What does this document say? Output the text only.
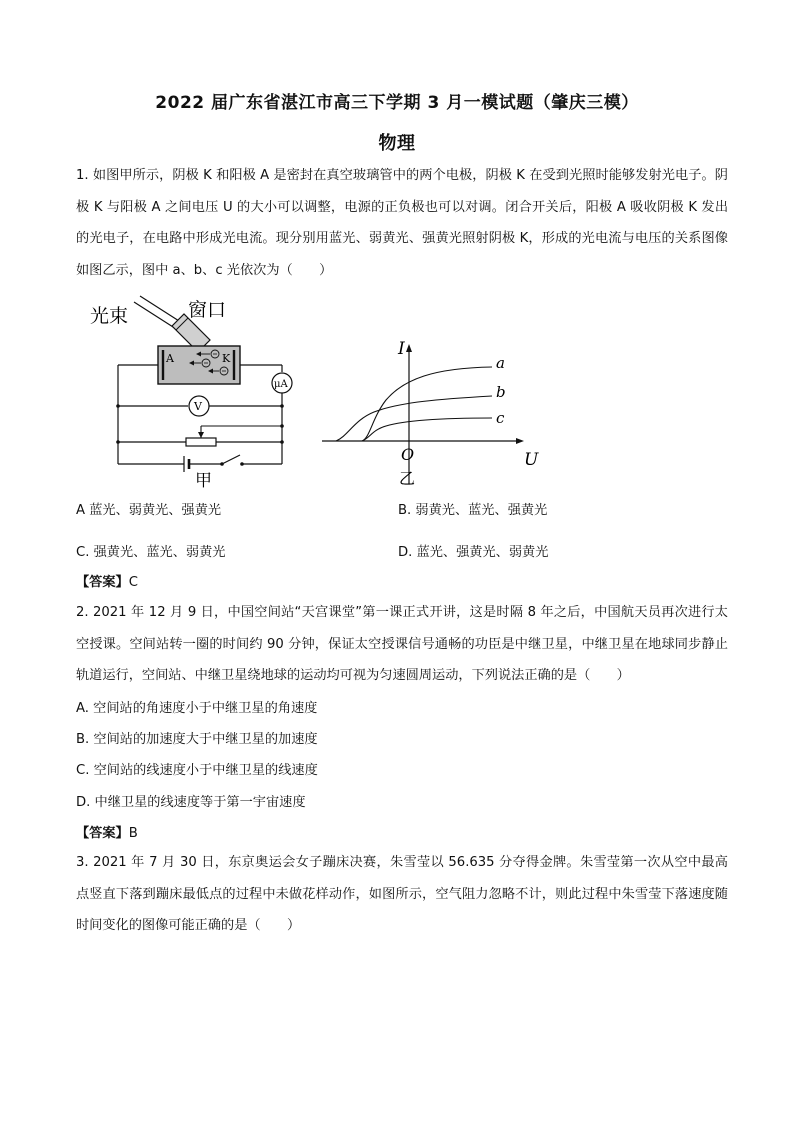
2022 届广东省湛江市高三下学期 3 月一模试题（肇庆三模）
物理
1. 如图甲所示，阴极 K 和阳极 A 是密封在真空玻璃管中的两个电极，阴极 K 在受到光照时能够发射光电子。阴极 K 与阳极 A 之间电压 U 的大小可以调整，电源的正负极也可以对调。闭合开关后，阳极 A 吸收阴极 K 发出的光电子，在电路中形成光电流。现分别用蓝光、弱黄光、强黄光照射阴极 K，形成的光电流与电压的关系图像如图乙示，图中 a、b、c 光依次为（　　）
光束	窗口
A	K
μA
V
甲
I
U
O
乙
a
b
c
A 蓝光、弱黄光、强黄光	B. 弱黄光、蓝光、强黄光
C. 强黄光、蓝光、弱黄光	D. 蓝光、强黄光、弱黄光
【答案】C
2. 2021 年 12 月 9 日，中国空间站“天宫课堂”第一课正式开讲，这是时隔 8 年之后，中国航天员再次进行太空授课。空间站转一圈的时间约 90 分钟，保证太空授课信号通畅的功臣是中继卫星，中继卫星在地球同步静止轨道运行，空间站、中继卫星绕地球的运动均可视为匀速圆周运动，下列说法正确的是（　　）
A. 空间站的角速度小于中继卫星的角速度
B. 空间站的加速度大于中继卫星的加速度
C. 空间站的线速度小于中继卫星的线速度
D. 中继卫星的线速度等于第一宇宙速度
【答案】B
3. 2021 年 7 月 30 日，东京奥运会女子蹦床决赛，朱雪莹以 56.635 分夺得金牌。朱雪莹第一次从空中最高点竖直下落到蹦床最低点的过程中未做花样动作，如图所示，空气阻力忽略不计，则此过程中朱雪莹下落速度随时间变化的图像可能正确的是（　　）
